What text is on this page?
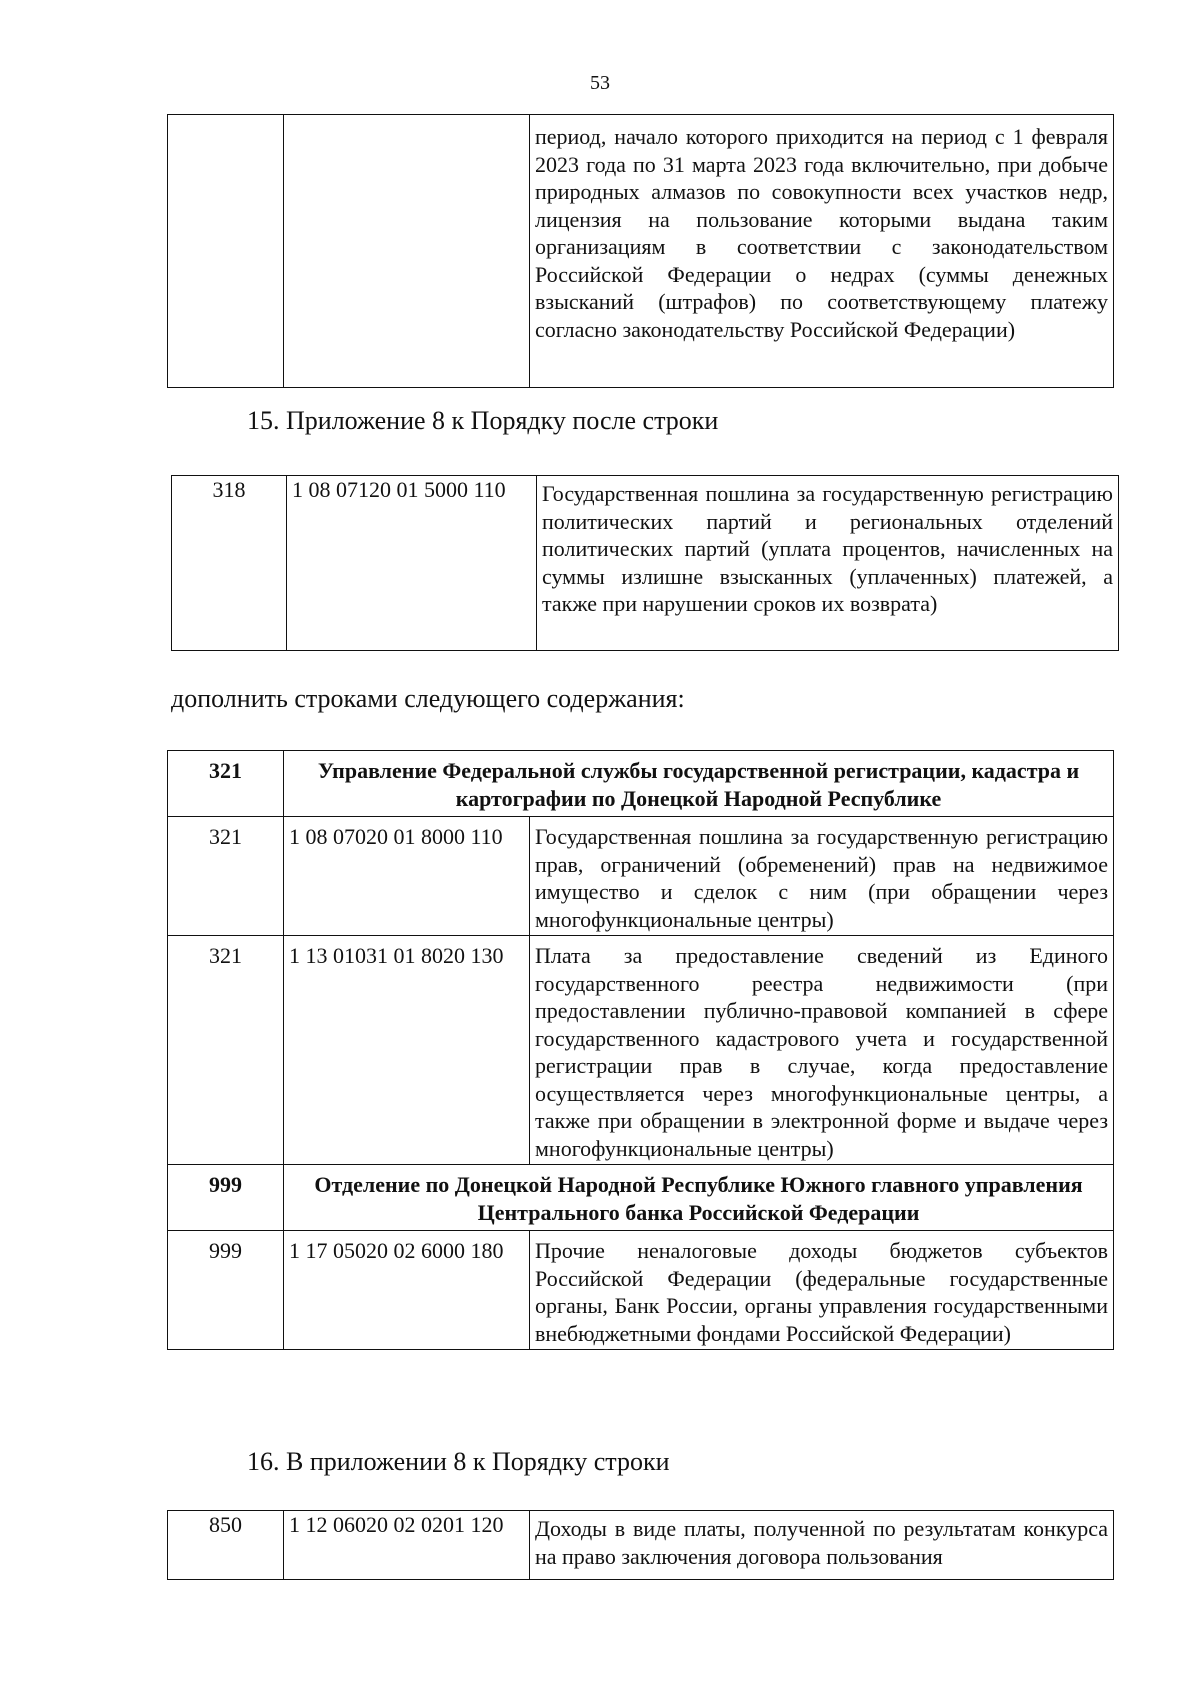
53
		период, начало которого приходится на период с 1 февраля 2023 года по 31 марта 2023 года включительно, при добыче природных алмазов по совокупности всех участков недр, лицензия на пользование которыми выдана таким организациям в соответствии с законодательством Российской Федерации о недрах (суммы денежных взысканий (штрафов) по соответствующему платежу согласно законодательству Российской Федерации)

15. Приложение 8 к Порядку после строки

318	1 08 07120 01 5000 110	Государственная пошлина за государственную регистрацию политических партий и региональных отделений политических партий (уплата процентов, начисленных на суммы излишне взысканных (уплаченных) платежей, а также при нарушении сроков их возврата)

дополнить строками следующего содержания:

321	Управление Федеральной службы государственной регистрации, кадастра и картографии по Донецкой Народной Республике	
321	1 08 07020 01 8000 110	Государственная пошлина за государственную регистрацию прав, ограничений (обременений) прав на недвижимое имущество и сделок с ним (при обращении через многофункциональные центры)
321	1 13 01031 01 8020 130	Плата за предоставление сведений из Единого государственного реестра недвижимости (при предоставлении публично-правовой компанией в сфере государственного кадастрового учета и государственной регистрации прав в случае, когда предоставление осуществляется через многофункциональные центры, а также при обращении в электронной форме и выдаче через многофункциональные центры)
999	Отделение по Донецкой Народной Республике Южного главного управления Центрального банка Российской Федерации	
999	1 17 05020 02 6000 180	Прочие неналоговые доходы бюджетов субъектов Российской Федерации (федеральные государственные органы, Банк России, органы управления государственными внебюджетными фондами Российской Федерации)

16. В приложении 8 к Порядку строки

850	1 12 06020 02 0201 120	Доходы в виде платы, полученной по результатам конкурса на право заключения договора пользования
